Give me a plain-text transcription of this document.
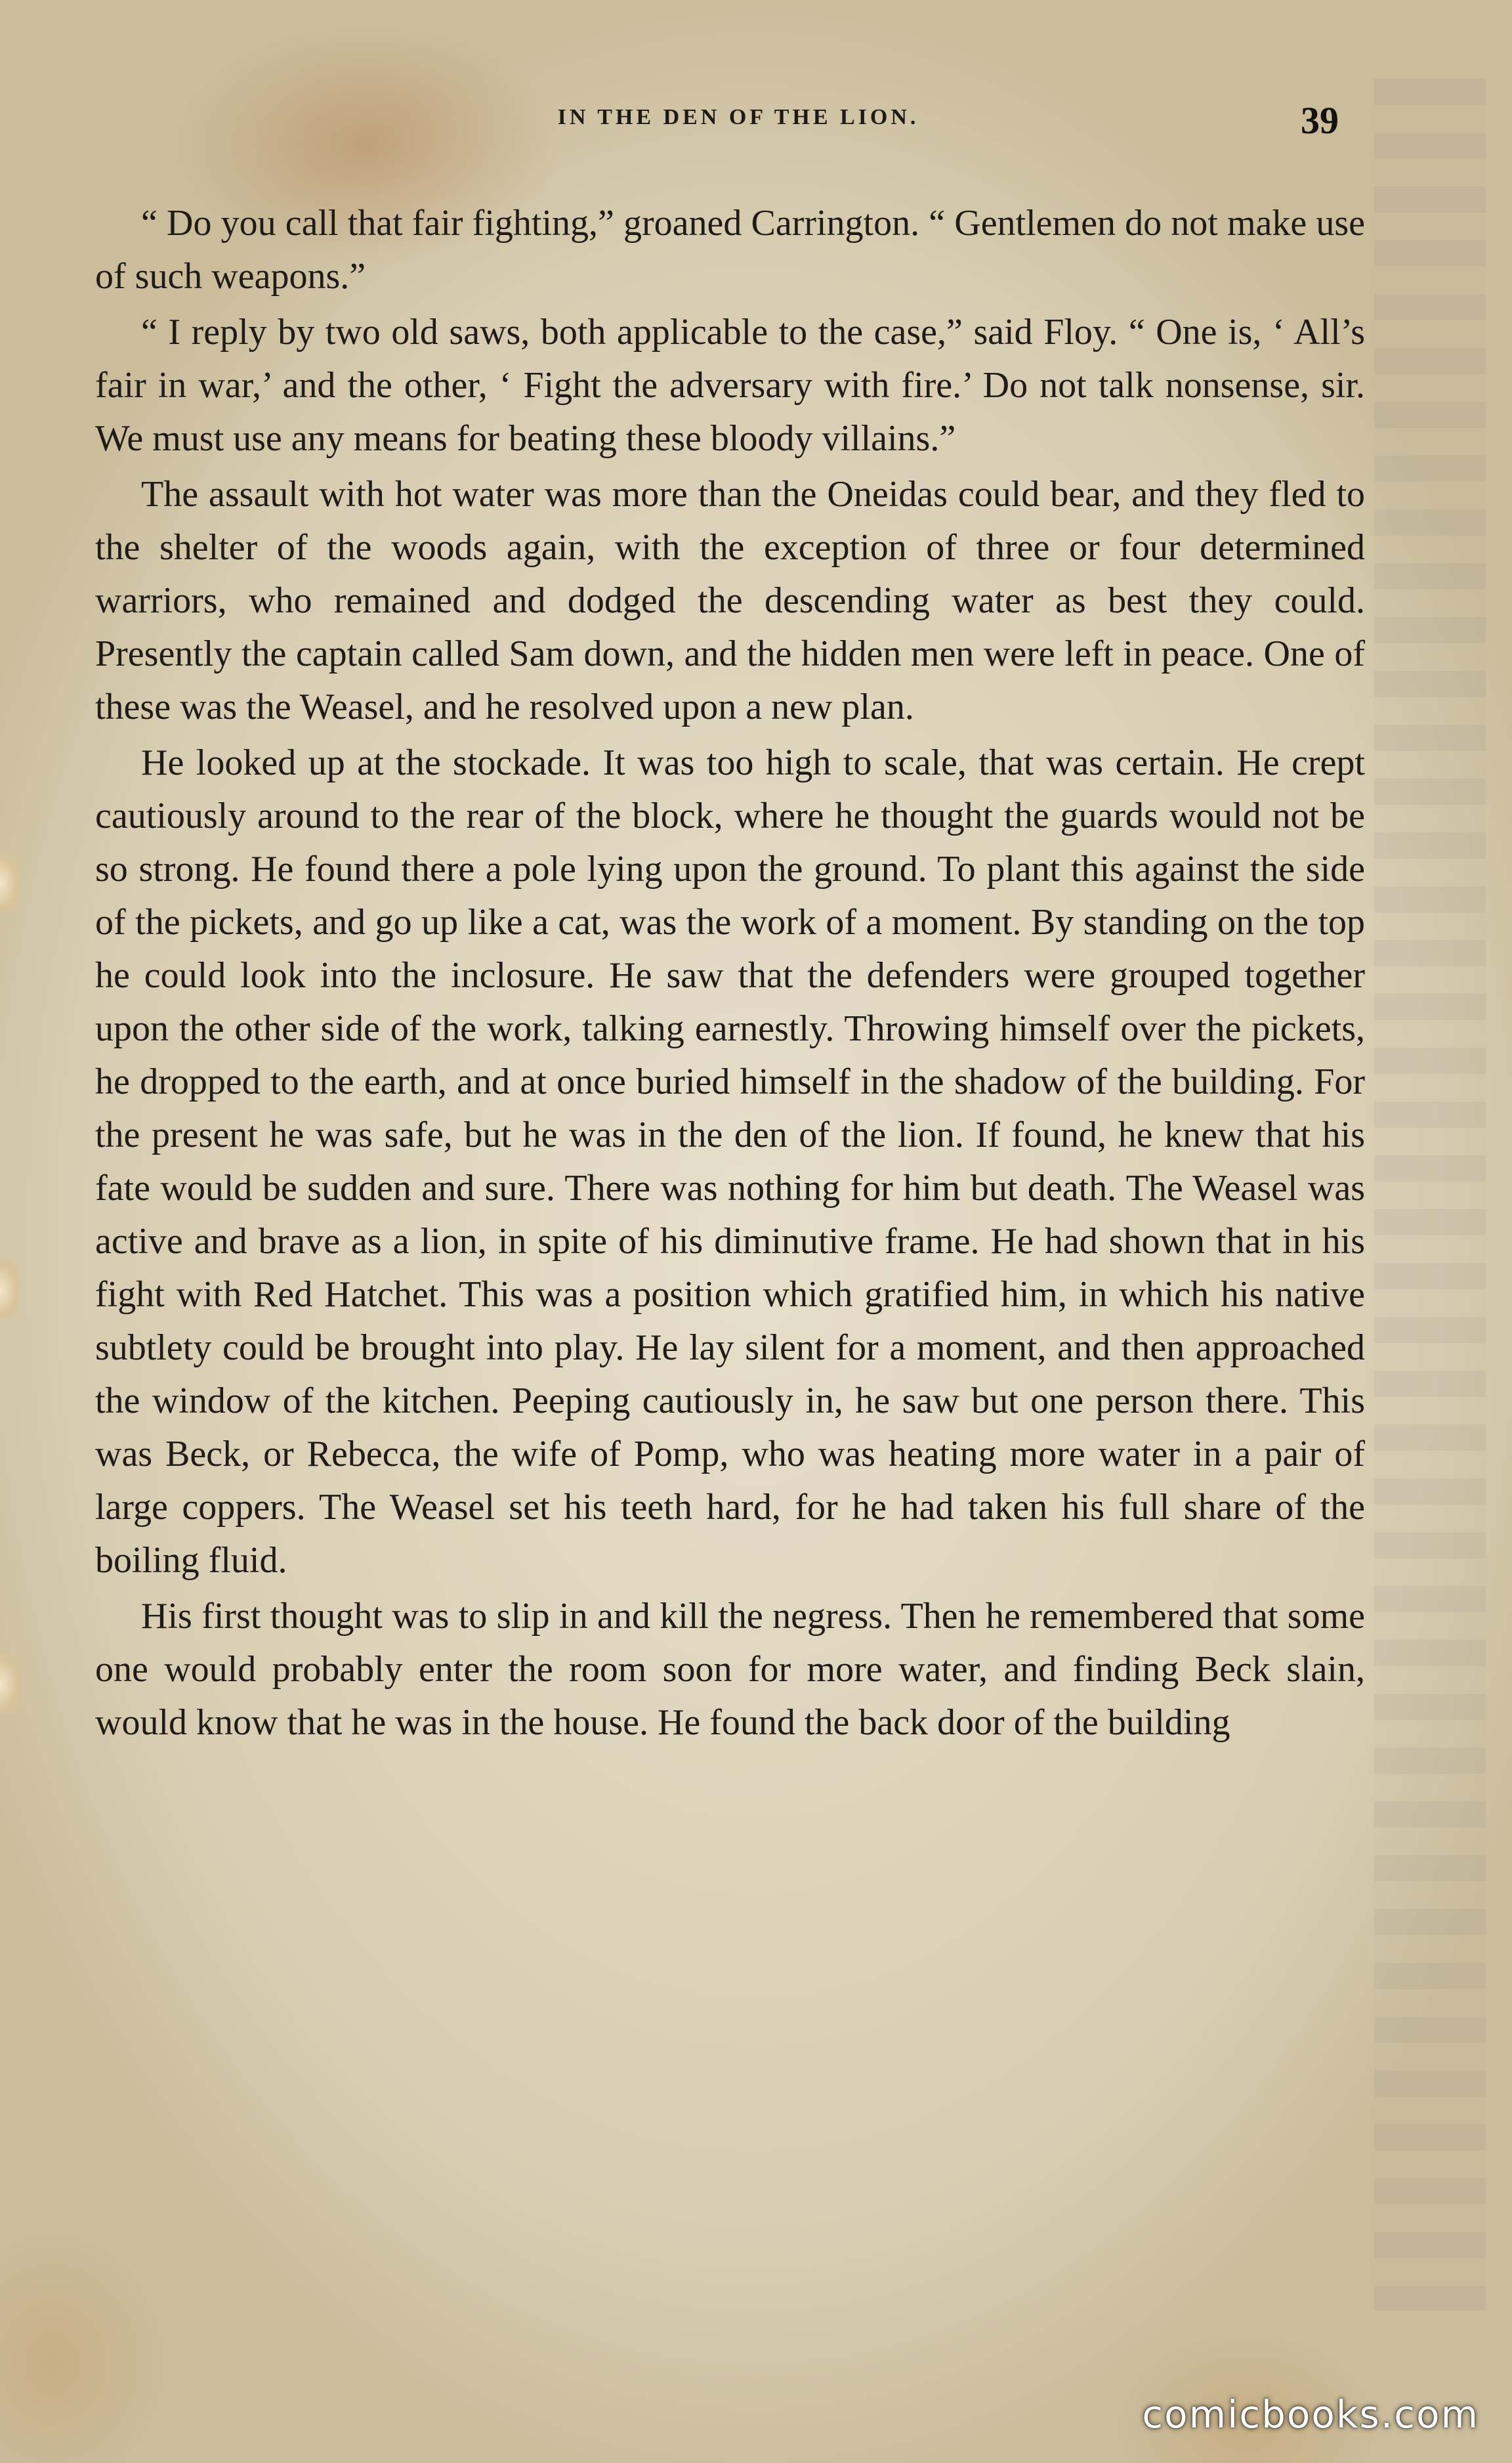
IN THE DEN OF THE LION.	39

“ Do you call that fair fighting,” groaned Carrington. “ Gentlemen do not make use of such weapons.”

“ I reply by two old saws, both applicable to the case,” said Floy. “ One is, ‘ All’s fair in war,’ and the other, ‘ Fight the adversary with fire.’ Do not talk nonsense, sir. We must use any means for beating these bloody villains.”

The assault with hot water was more than the Oneidas could bear, and they fled to the shelter of the woods again, with the exception of three or four determined warriors, who remained and dodged the descending water as best they could. Presently the captain called Sam down, and the hidden men were left in peace. One of these was the Weasel, and he resolved upon a new plan.

He looked up at the stockade. It was too high to scale, that was certain. He crept cautiously around to the rear of the block, where he thought the guards would not be so strong. He found there a pole lying upon the ground. To plant this against the side of the pickets, and go up like a cat, was the work of a moment. By standing on the top he could look into the inclosure. He saw that the defenders were grouped together upon the other side of the work, talking earnestly. Throwing himself over the pickets, he dropped to the earth, and at once buried himself in the shadow of the building. For the present he was safe, but he was in the den of the lion. If found, he knew that his fate would be sudden and sure. There was nothing for him but death. The Weasel was active and brave as a lion, in spite of his diminutive frame. He had shown that in his fight with Red Hatchet. This was a position which gratified him, in which his native subtlety could be brought into play. He lay silent for a moment, and then approached the window of the kitchen. Peeping cautiously in, he saw but one person there. This was Beck, or Rebecca, the wife of Pomp, who was heating more water in a pair of large coppers. The Weasel set his teeth hard, for he had taken his full share of the boiling fluid.

His first thought was to slip in and kill the negress. Then he remembered that some one would probably enter the room soon for more water, and finding Beck slain, would know that he was in the house. He found the back door of the building

comicbooks.com
